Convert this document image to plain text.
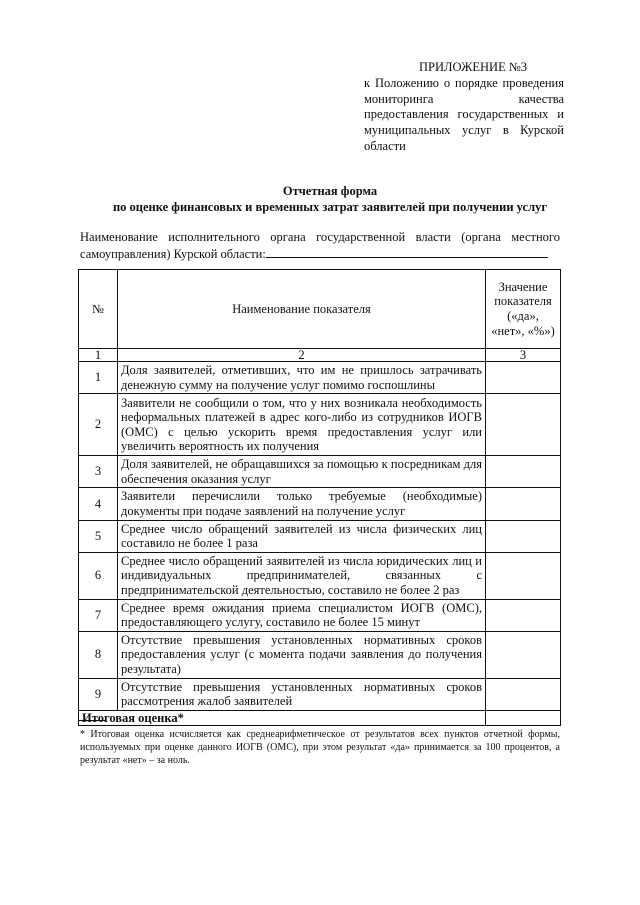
ПРИЛОЖЕНИЕ №3
к Положению о порядке проведения мониторинга качества предоставления государственных и муниципальных услуг в Курской области
Отчетная форма
по оценке финансовых и временных затрат заявителей при получении услуг
Наименование исполнительного органа государственной власти (органа местного самоуправления) Курской области:
№	Наименование показателя	Значение показателя («да», «нет», «%»)
1	2	3
1	Доля заявителей, отметивших, что им не пришлось затрачивать денежную сумму на получение услуг помимо госпошлины	
2	Заявители не сообщили о том, что у них возникала необходимость неформальных платежей в адрес кого-либо из сотрудников ИОГВ (ОМС) с целью ускорить время предоставления услуг или увеличить вероятность их получения	
3	Доля заявителей, не обращавшихся за помощью к посредникам для обеспечения оказания услуг	
4	Заявители перечислили только требуемые (необходимые) документы при подаче заявлений на получение услуг	
5	Среднее число обращений заявителей из числа физических лиц составило не более 1 раза	
6	Среднее число обращений заявителей из числа юридических лиц и индивидуальных предпринимателей, связанных с предпринимательской деятельностью, составило не более 2 раз	
7	Среднее время ожидания приема специалистом ИОГВ (ОМС), предоставляющего услугу, составило не более 15 минут	
8	Отсутствие превышения установленных нормативных сроков предоставления услуг (с момента подачи заявления до получения результата)	
9	Отсутствие превышения установленных нормативных сроков рассмотрения жалоб заявителей	
Итоговая оценка*		
* Итоговая оценка исчисляется как среднеарифметическое от результатов всех пунктов отчетной формы, используемых при оценке данного ИОГВ (ОМС), при этом результат «да» принимается за 100 процентов, а результат «нет» – за ноль.
